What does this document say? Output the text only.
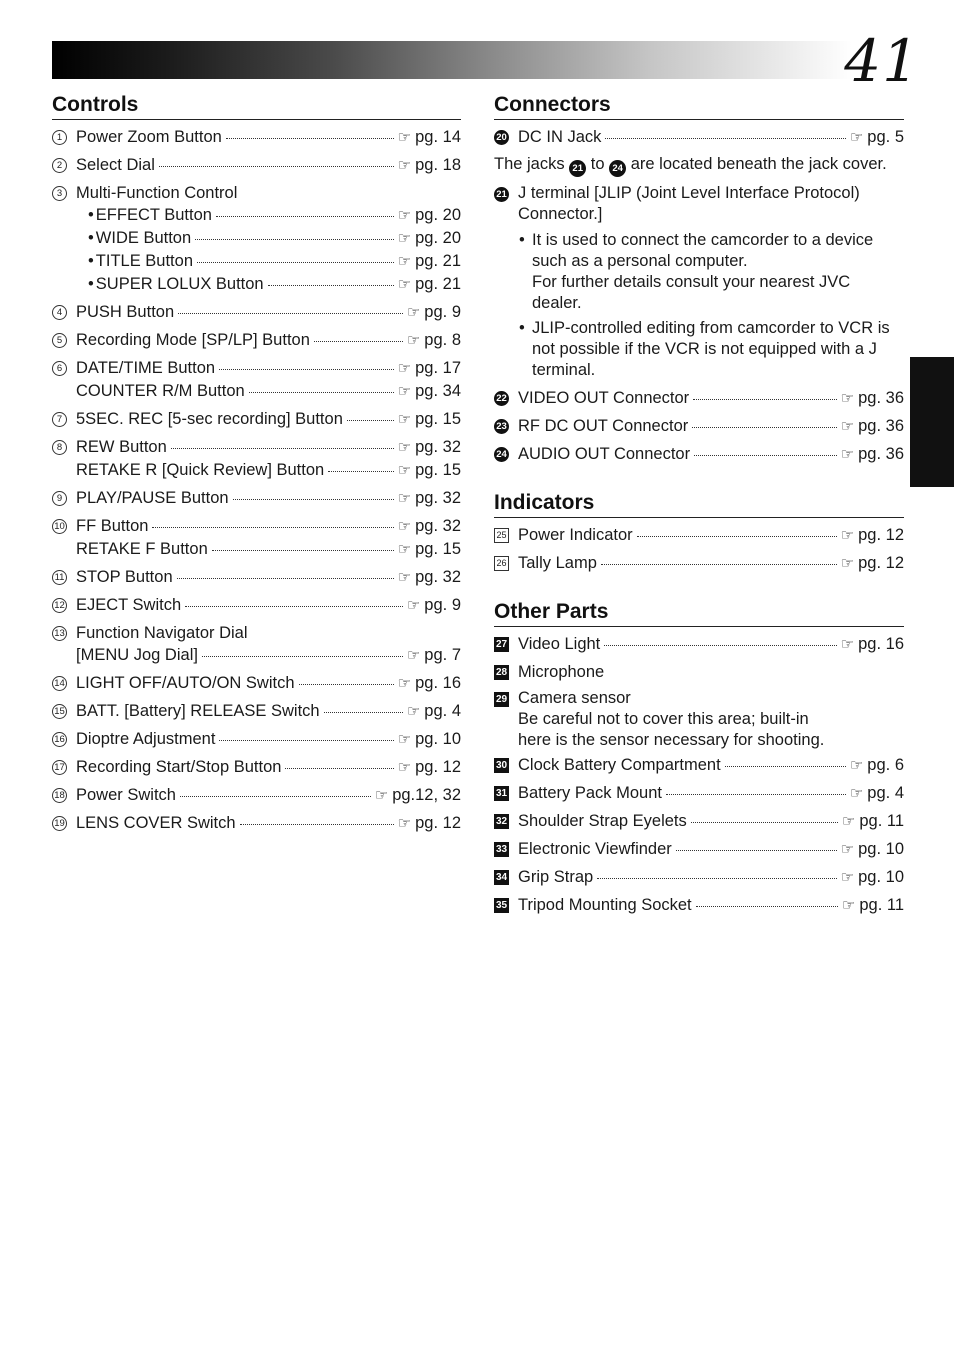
41
Controls
1 Power Zoom Button	☞ pg. 14
2 Select Dial	☞ pg. 18
3 Multi-Function Control
• EFFECT Button	☞ pg. 20
• WIDE Button	☞ pg. 20
• TITLE Button	☞ pg. 21
• SUPER LOLUX Button	☞ pg. 21
4 PUSH Button	☞ pg. 9
5 Recording Mode [SP/LP] Button	☞ pg. 8
6 DATE/TIME Button	☞ pg. 17
COUNTER R/M Button	☞ pg. 34
7 5SEC. REC [5-sec recording] Button	☞ pg. 15
8 REW Button	☞ pg. 32
RETAKE R [Quick Review] Button	☞ pg. 15
9 PLAY/PAUSE Button	☞ pg. 32
10 FF Button	☞ pg. 32
RETAKE F Button	☞ pg. 15
11 STOP Button	☞ pg. 32
12 EJECT Switch	☞ pg. 9
13 Function Navigator Dial
[MENU Jog Dial]	☞ pg. 7
14 LIGHT OFF/AUTO/ON Switch	☞ pg. 16
15 BATT. [Battery] RELEASE Switch	☞ pg. 4
16 Dioptre Adjustment	☞ pg. 10
17 Recording Start/Stop Button	☞ pg. 12
18 Power Switch	☞ pg.12, 32
19 LENS COVER Switch	☞ pg. 12
Connectors
20 DC IN Jack	☞ pg. 5
The jacks 21 to 24 are located beneath the jack cover.
21 J terminal [JLIP (Joint Level Interface Protocol) Connector.]
• It is used to connect the camcorder to a device such as a personal computer.
For further details consult your nearest JVC dealer.
• JLIP-controlled editing from camcorder to VCR is not possible if the VCR is not equipped with a J terminal.
22 VIDEO OUT Connector	☞ pg. 36
23 RF DC OUT Connector	☞ pg. 36
24 AUDIO OUT Connector	☞ pg. 36
Indicators
25 Power Indicator	☞ pg. 12
26 Tally Lamp	☞ pg. 12
Other Parts
27 Video Light	☞ pg. 16
28 Microphone
29 Camera sensor
Be careful not to cover this area; built-in
here is the sensor necessary for shooting.
30 Clock Battery Compartment	☞ pg. 6
31 Battery Pack Mount	☞ pg. 4
32 Shoulder Strap Eyelets	☞ pg. 11
33 Electronic Viewfinder	☞ pg. 10
34 Grip Strap	☞ pg. 10
35 Tripod Mounting Socket	☞ pg. 11
